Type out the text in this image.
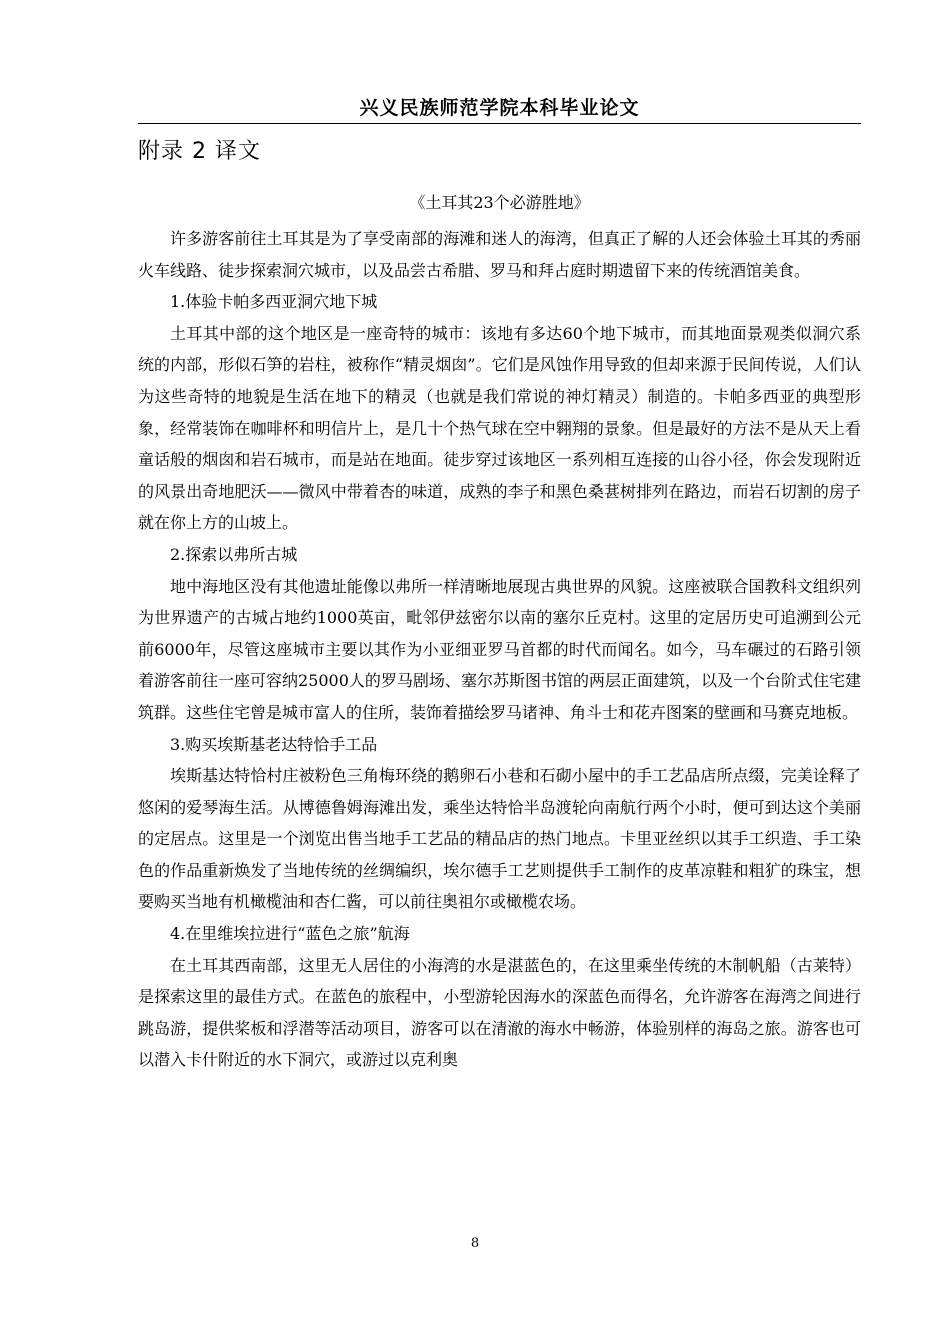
兴义民族师范学院本科毕业论文
附录 2 译文
《土耳其23个必游胜地》

许多游客前往土耳其是为了享受南部的海滩和迷人的海湾，但真正了解的人还会体验土耳其的秀丽火车线路、徒步探索洞穴城市，以及品尝古希腊、罗马和拜占庭时期遗留下来的传统酒馆美食。

1.体验卡帕多西亚洞穴地下城

土耳其中部的这个地区是一座奇特的城市：该地有多达60个地下城市，而其地面景观类似洞穴系统的内部，形似石笋的岩柱，被称作“精灵烟囱”。它们是风蚀作用导致的但却来源于民间传说，人们认为这些奇特的地貌是生活在地下的精灵（也就是我们常说的神灯精灵）制造的。卡帕多西亚的典型形象，经常装饰在咖啡杯和明信片上，是几十个热气球在空中翱翔的景象。但是最好的方法不是从天上看童话般的烟囱和岩石城市，而是站在地面。徒步穿过该地区一系列相互连接的山谷小径，你会发现附近的风景出奇地肥沃——微风中带着杏的味道，成熟的李子和黑色桑葚树排列在路边，而岩石切割的房子就在你上方的山坡上。

2.探索以弗所古城

地中海地区没有其他遗址能像以弗所一样清晰地展现古典世界的风貌。这座被联合国教科文组织列为世界遗产的古城占地约1000英亩，毗邻伊兹密尔以南的塞尔丘克村。这里的定居历史可追溯到公元前6000年，尽管这座城市主要以其作为小亚细亚罗马首都的时代而闻名。如今，马车碾过的石路引领着游客前往一座可容纳25000人的罗马剧场、塞尔苏斯图书馆的两层正面建筑，以及一个台阶式住宅建筑群。这些住宅曾是城市富人的住所，装饰着描绘罗马诸神、角斗士和花卉图案的壁画和马赛克地板。

3.购买埃斯基老达特恰手工品

埃斯基达特恰村庄被粉色三角梅环绕的鹅卵石小巷和石砌小屋中的手工艺品店所点缀，完美诠释了悠闲的爱琴海生活。从博德鲁姆海滩出发，乘坐达特恰半岛渡轮向南航行两个小时，便可到达这个美丽的定居点。这里是一个浏览出售当地手工艺品的精品店的热门地点。卡里亚丝织以其手工织造、手工染色的作品重新焕发了当地传统的丝绸编织，埃尔德手工艺则提供手工制作的皮革凉鞋和粗犷的珠宝，想要购买当地有机橄榄油和杏仁酱，可以前往奥祖尔或橄榄农场。

4.在里维埃拉进行“蓝色之旅”航海

在土耳其西南部，这里无人居住的小海湾的水是湛蓝色的，在这里乘坐传统的木制帆船（古莱特）是探索这里的最佳方式。在蓝色的旅程中，小型游轮因海水的深蓝色而得名，允许游客在海湾之间进行跳岛游，提供桨板和浮潜等活动项目，游客可以在清澈的海水中畅游，体验别样的海岛之旅。游客也可以潜入卡什附近的水下洞穴，或游过以克利奥

8
